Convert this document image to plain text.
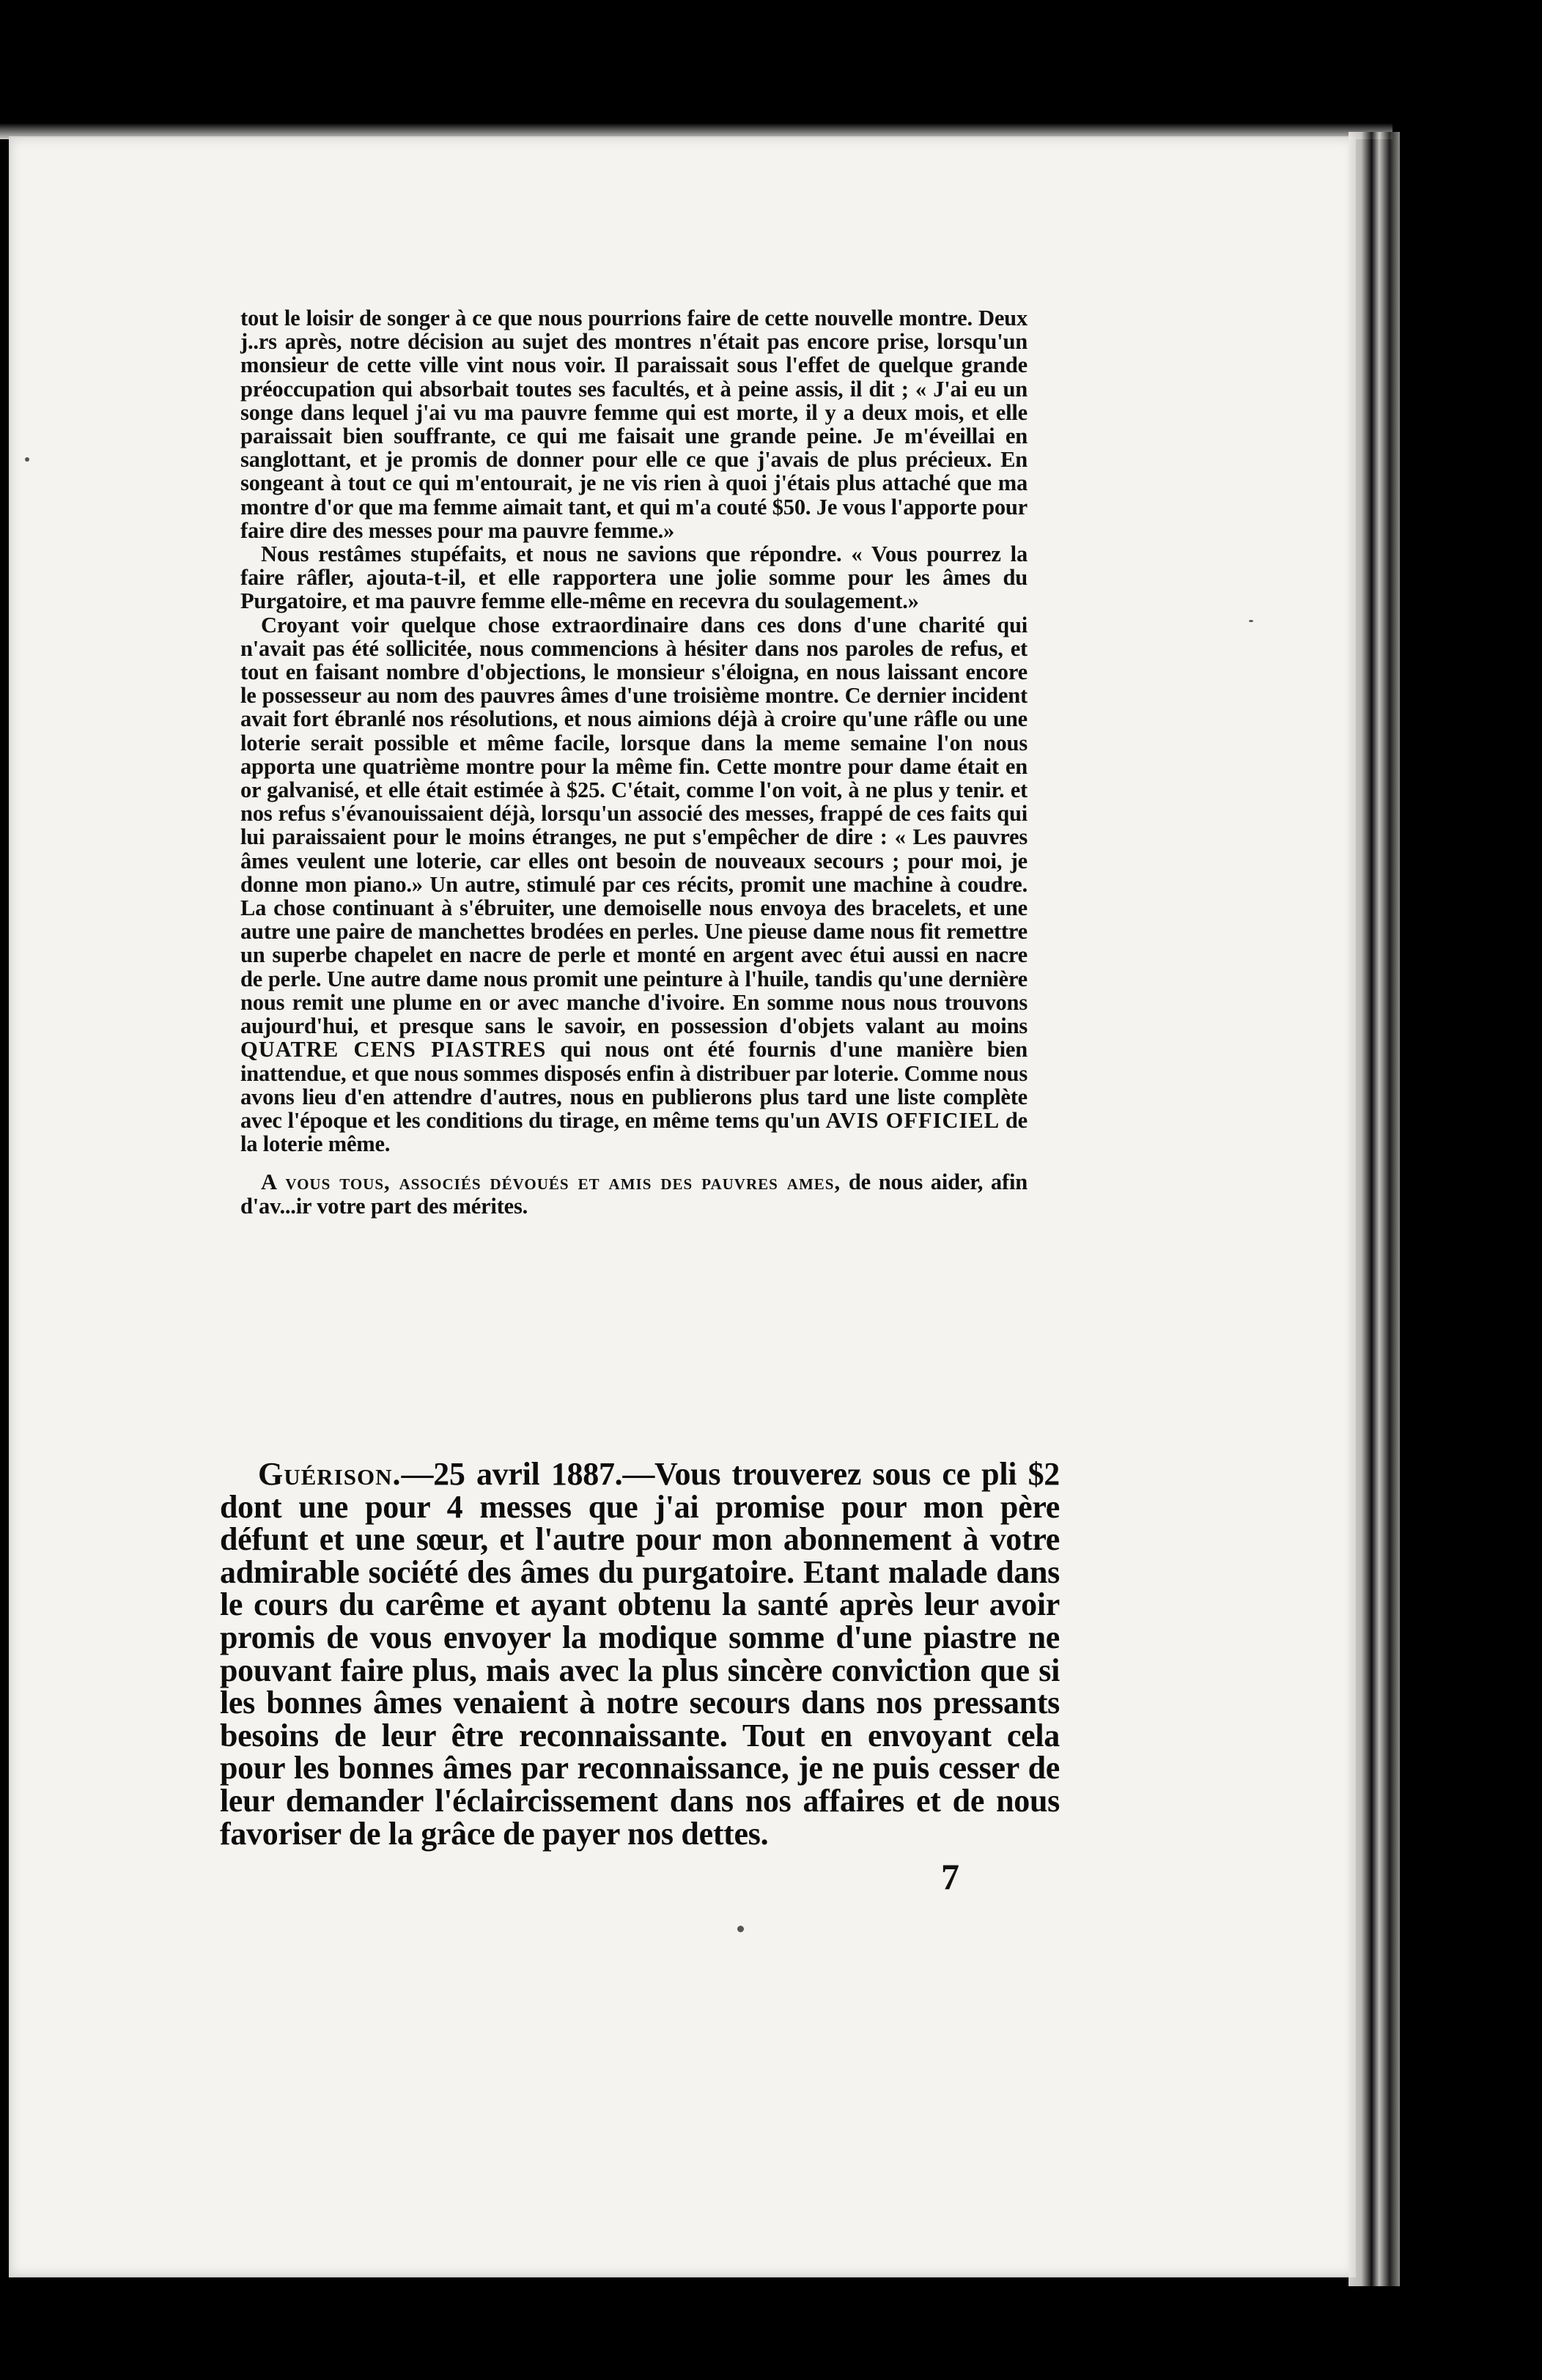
tout le loisir de songer à ce que nous pourrions faire de cette nouvelle montre. Deux j..rs après, notre décision au sujet des montres n'était pas encore prise, lorsqu'un monsieur de cette ville vint nous voir. Il paraissait sous l'effet de quelque grande préoccupation qui absorbait toutes ses facultés, et à peine assis, il dit ; « J'ai eu un songe dans lequel j'ai vu ma pauvre femme qui est morte, il y a deux mois, et elle paraissait bien souffrante, ce qui me faisait une grande peine. Je m'éveillai en sanglottant, et je promis de donner pour elle ce que j'avais de plus précieux. En songeant à tout ce qui m'entourait, je ne vis rien à quoi j'étais plus attaché que ma montre d'or que ma femme aimait tant, et qui m'a couté $50. Je vous l'apporte pour faire dire des messes pour ma pauvre femme.»

Nous restâmes stupéfaits, et nous ne savions que répondre. « Vous pourrez la faire râfler, ajouta-t-il, et elle rapportera une jolie somme pour les âmes du Purgatoire, et ma pauvre femme elle-même en recevra du soulagement.»

Croyant voir quelque chose extraordinaire dans ces dons d'une charité qui n'avait pas été sollicitée, nous commencions à hésiter dans nos paroles de refus, et tout en faisant nombre d'objections, le monsieur s'éloigna, en nous laissant encore le possesseur au nom des pauvres âmes d'une troisième montre. Ce dernier incident avait fort ébranlé nos résolutions, et nous aimions déjà à croire qu'une râfle ou une loterie serait possible et même facile, lorsque dans la meme semaine l'on nous apporta une quatrième montre pour la même fin. Cette montre pour dame était en or galvanisé, et elle était estimée à $25. C'était, comme l'on voit, à ne plus y tenir. et nos refus s'évanouissaient déjà, lorsqu'un associé des messes, frappé de ces faits qui lui paraissaient pour le moins étranges, ne put s'empêcher de dire : « Les pauvres âmes veulent une loterie, car elles ont besoin de nouveaux secours ; pour moi, je donne mon piano.» Un autre, stimulé par ces récits, promit une machine à coudre. La chose continuant à s'ébruiter, une demoiselle nous envoya des bracelets, et une autre une paire de manchettes brodées en perles. Une pieuse dame nous fit remettre un superbe chapelet en nacre de perle et monté en argent avec étui aussi en nacre de perle. Une autre dame nous promit une peinture à l'huile, tandis qu'une dernière nous remit une plume en or avec manche d'ivoire. En somme nous nous trouvons aujourd'hui, et presque sans le savoir, en possession d'objets valant au moins QUATRE CENS PIASTRES qui nous ont été fournis d'une manière bien inattendue, et que nous sommes disposés enfin à distribuer par loterie. Comme nous avons lieu d'en attendre d'autres, nous en publierons plus tard une liste complète avec l'époque et les conditions du tirage, en même tems qu'un AVIS OFFICIEL de la loterie même.

A vous tous, associés dévoués et amis des pauvres ames, de nous aider, afin d'av...ir votre part des mérites.

Guérison.—25 avril 1887.—Vous trouverez sous ce pli $2 dont une pour 4 messes que j'ai promise pour mon père défunt et une sœur, et l'autre pour mon abonnement à votre admirable société des âmes du purgatoire. Etant malade dans le cours du carême et ayant obtenu la santé après leur avoir promis de vous envoyer la modique somme d'une piastre ne pouvant faire plus, mais avec la plus sincère conviction que si les bonnes âmes venaient à notre secours dans nos pressants besoins de leur être reconnaissante. Tout en envoyant cela pour les bonnes âmes par reconnaissance, je ne puis cesser de leur demander l'éclaircissement dans nos affaires et de nous favoriser de la grâce de payer nos dettes.

7
